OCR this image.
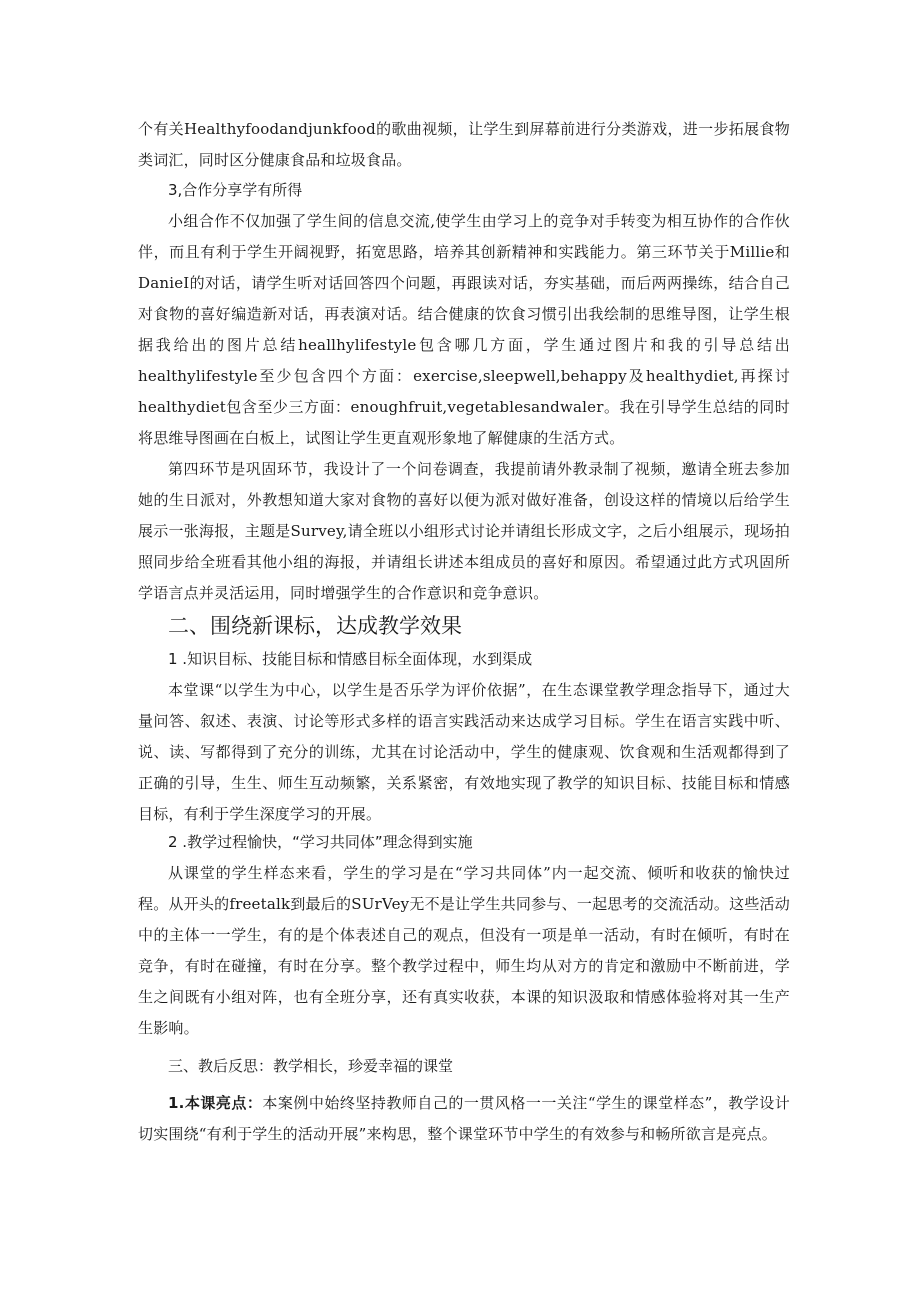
个有关Healthyfoodandjunkfood的歌曲视频，让学生到屏幕前进行分类游戏，进一步拓展食物类词汇，同时区分健康食品和垃圾食品。

3,合作分享学有所得

小组合作不仅加强了学生间的信息交流,使学生由学习上的竞争对手转变为相互协作的合作伙伴，而且有利于学生开阔视野，拓宽思路，培养其创新精神和实践能力。第三环节关于Millie和DanieI的对话，请学生听对话回答四个问题，再跟读对话，夯实基础，而后两两操练，结合自己对食物的喜好编造新对话，再表演对话。结合健康的饮食习惯引出我绘制的思维导图，让学生根据我给出的图片总结heallhylifestyle包含哪几方面，学生通过图片和我的引导总结出healthylifestyle至少包含四个方面：exercise,sleepwell,behappy及healthydiet,再探讨healthydiet包含至少三方面：enoughfruit,vegetablesandwaler。我在引导学生总结的同时将思维导图画在白板上，试图让学生更直观形象地了解健康的生活方式。

第四环节是巩固环节，我设计了一个问卷调查，我提前请外教录制了视频，邀请全班去参加她的生日派对，外教想知道大家对食物的喜好以便为派对做好准备，创设这样的情境以后给学生展示一张海报，主题是Survey,请全班以小组形式讨论并请组长形成文字，之后小组展示，现场拍照同步给全班看其他小组的海报，并请组长讲述本组成员的喜好和原因。希望通过此方式巩固所学语言点并灵活运用，同时增强学生的合作意识和竞争意识。

二、围绕新课标，达成教学效果
1 .知识目标、技能目标和情感目标全面体现，水到渠成

本堂课“以学生为中心，以学生是否乐学为评价依据”，在生态课堂教学理念指导下，通过大量问答、叙述、表演、讨论等形式多样的语言实践活动来达成学习目标。学生在语言实践中听、说、读、写都得到了充分的训练，尤其在讨论活动中，学生的健康观、饮食观和生活观都得到了正确的引导，生生、师生互动频繁，关系紧密，有效地实现了教学的知识目标、技能目标和情感目标，有利于学生深度学习的开展。

2 .教学过程愉快，“学习共同体”理念得到实施

从课堂的学生样态来看，学生的学习是在“学习共同体”内一起交流、倾听和收获的愉快过程。从开头的freetalk到最后的SUrVey无不是让学生共同参与、一起思考的交流活动。这些活动中的主体一一学生，有的是个体表述自己的观点，但没有一项是单一活动，有时在倾听，有时在竞争，有时在碰撞，有时在分享。整个教学过程中，师生均从对方的肯定和激励中不断前进，学生之间既有小组对阵，也有全班分享，还有真实收获，本课的知识汲取和情感体验将对其一生产生影响。

三、教后反思：教学相长，珍爱幸福的课堂

1.本课亮点：本案例中始终坚持教师自己的一贯风格一一关注“学生的课堂样态”，教学设计切实围绕“有利于学生的活动开展”来构思，整个课堂环节中学生的有效参与和畅所欲言是亮点。
